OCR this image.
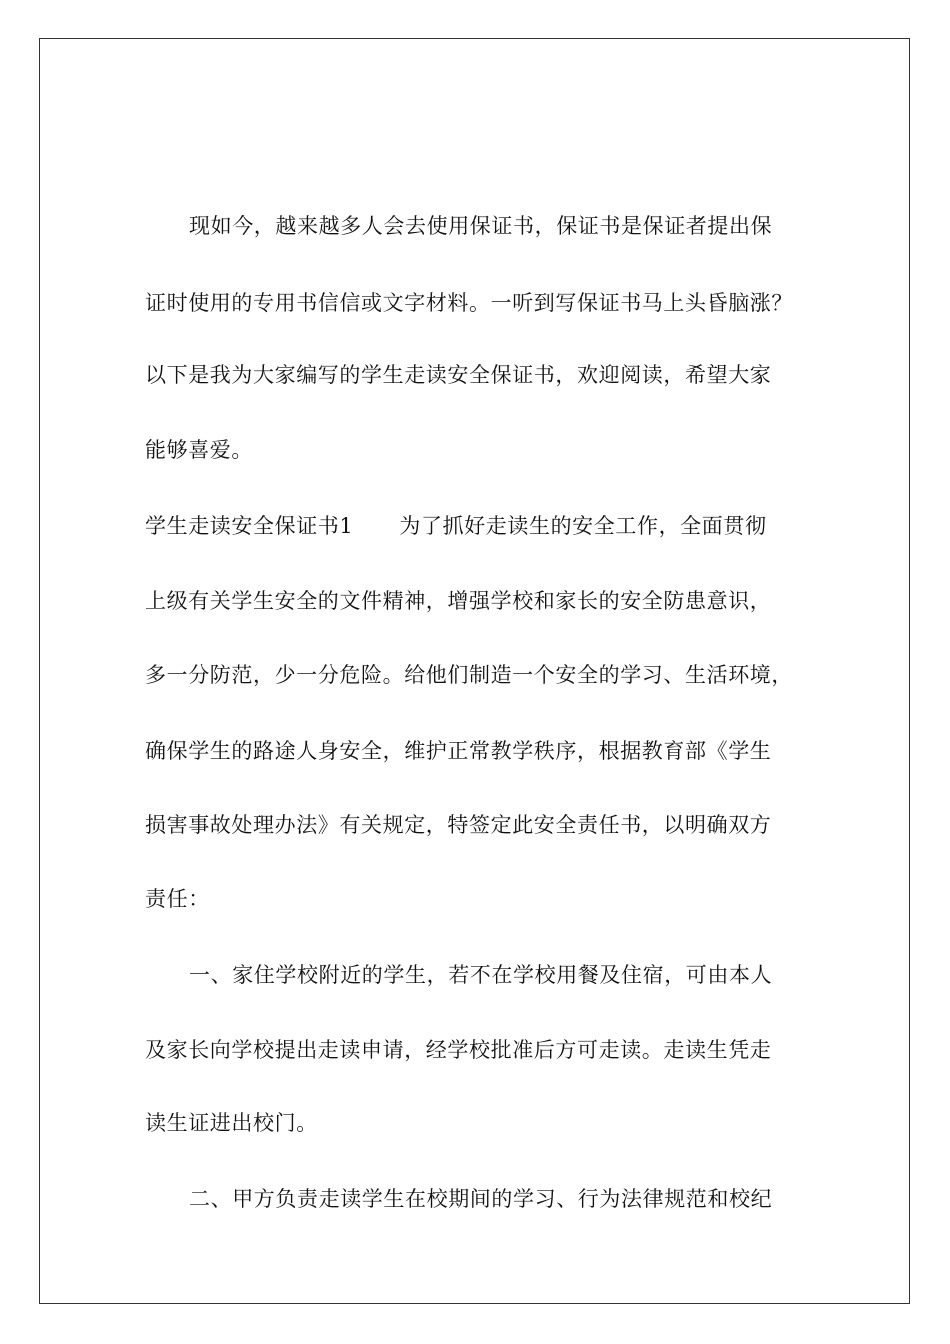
现如今，越来越多人会去使用保证书，保证书是保证者提出保
证时使用的专用书信信或文字材料。一听到写保证书马上头昏脑涨？
以下是我为大家编写的学生走读安全保证书，欢迎阅读，希望大家
能够喜爱。
学生走读安全保证书1 为了抓好走读生的安全工作，全面贯彻
上级有关学生安全的文件精神，增强学校和家长的安全防患意识，
多一分防范，少一分危险。给他们制造一个安全的学习、生活环境，
确保学生的路途人身安全，维护正常教学秩序，根据教育部《学生
损害事故处理办法》有关规定，特签定此安全责任书，以明确双方
责任：
一、家住学校附近的学生，若不在学校用餐及住宿，可由本人
及家长向学校提出走读申请，经学校批准后方可走读。走读生凭走
读生证进出校门。
二、甲方负责走读学生在校期间的学习、行为法律规范和校纪
